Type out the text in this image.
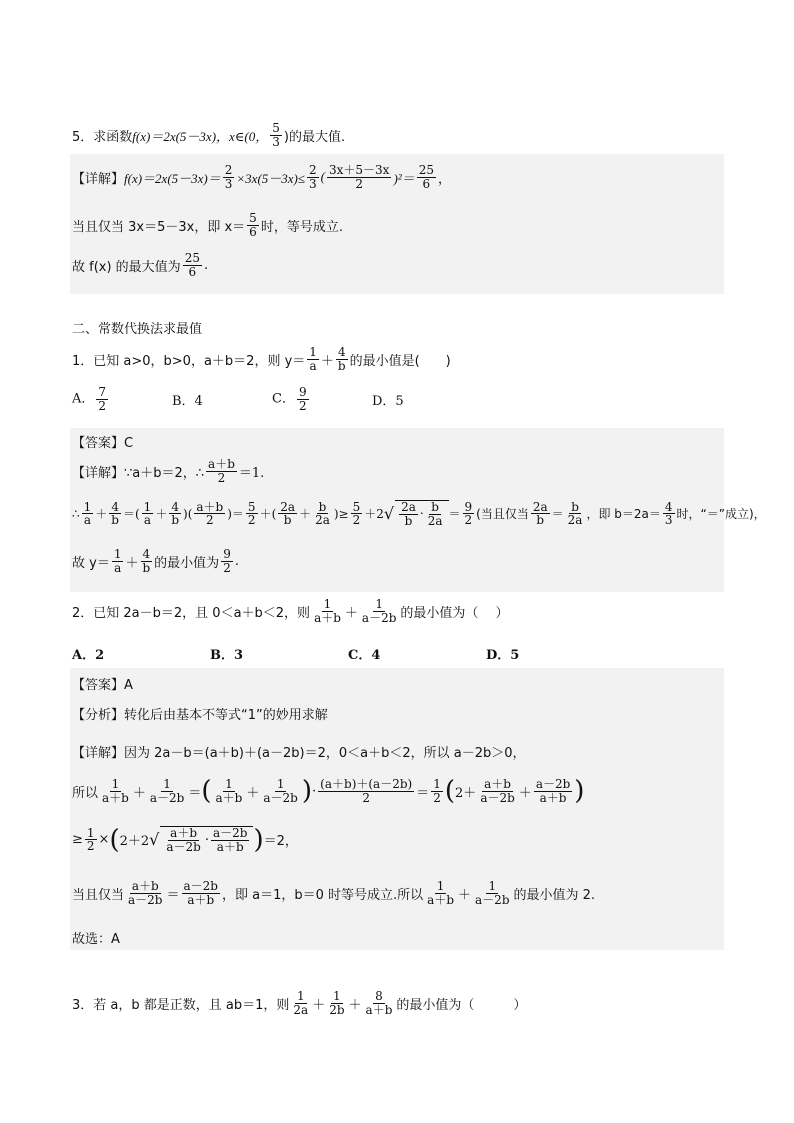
5．求函数 f(x)＝2x(5－3x)，x∈(0，
5
3 )的最大值.
【详解】 $f(x)=2x(5-3x)= \frac{2}{3} \times 3x(5-3x)\le \frac{2}{3}$ ( 3x＋5－3x
2 )²＝
25
6 ，
当且仅当 3x＝5－3x，即 x＝
5
6 时，等号成立.
故 f(x) 的最大值为
25
6 .
二、常数代换法求最值
1．已知 a>0，b>0，a＋b＝2，则 y＝
1
a ＋
4
b 的最小值是(　　)
A． $\frac{7}{2}$	B．4	C． $\frac{9}{2}$	D．5
【答案】C
【详解】∵a＋b＝2，∴
a＋b
2 ＝1.
∴
1
a ＋
4
b ＝(
1
a ＋
4
b )(
a＋b
2 )＝
5
2 ＋(
2a
b ＋
b
2a )≥ $\frac{5}{2} +2$ √ $\frac{2a}{b} \cdot \frac{b}{2a}$ ＝
9
2 (当且仅当
2a
b ＝
b
2a ，即 b＝2a＝
4
3 时，“＝”成立)，
故 y＝
1
a ＋
4
b 的最小值为
9
2 .
2．已知 2a－b＝2，且 0＜a＋b＜2，则
1
a＋b ＋
1
a－2b 的最小值为（　 ）
A．2	B．3	C．4	D．5
【答案】A
【分析】转化后由基本不等式“1”的妙用求解
【详解】因为 2a－b＝(a＋b)＋(a－2b)＝2，0＜a＋b＜2，所以 a－2b＞0，
所以
1
a＋b ＋
1
a－2b ＝ ( 1
a＋b ＋
1
a－2b ) · (a＋b)＋(a－2b)
2	＝
1
2 ( 2＋
a＋b
a－2b ＋
a－2b
a＋b )
≥ $\frac{1}{2}$ × ( 2＋2 √ $\frac{a+b}{a-2b} \cdot \frac{a-2b}{a+b}$ ) ＝2，
当且仅当
a＋b
a－2b ＝
a－2b
a＋b ，即 a＝1，b＝0 时等号成立.所以
1
a＋b ＋
1
a－2b 的最小值为 2.
故选：A
3．若 a，b 都是正数，且 ab＝1，则
1
2a ＋
1
2b ＋
8
a＋b 的最小值为（　　　）
